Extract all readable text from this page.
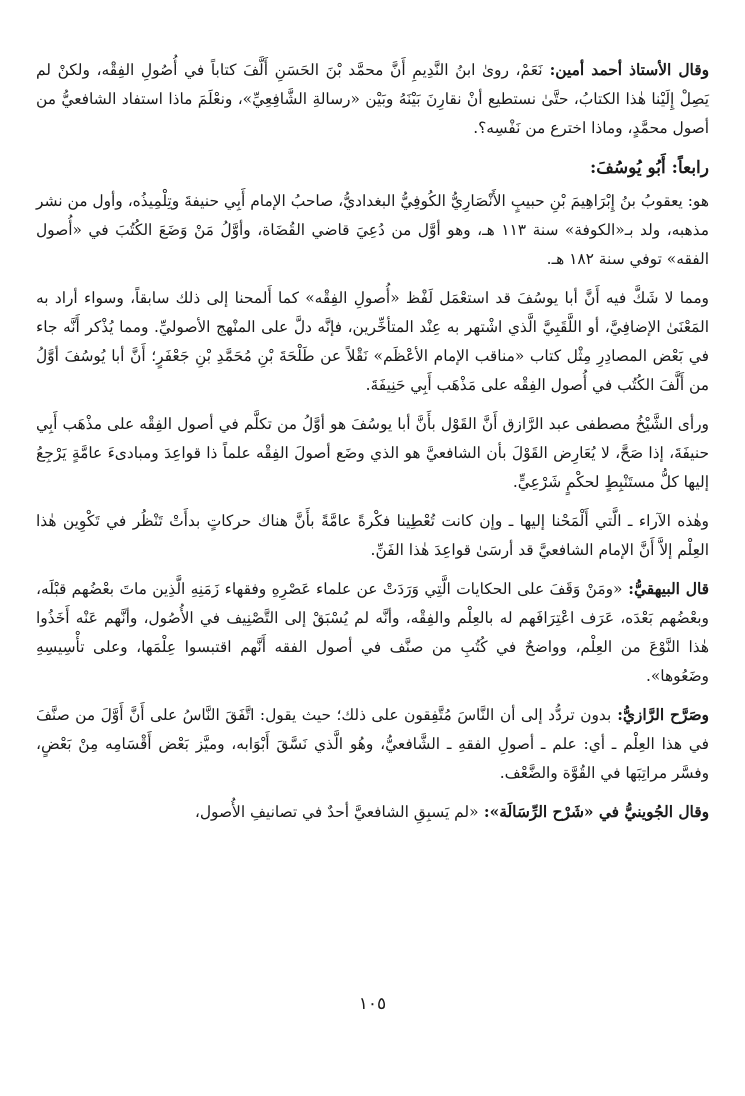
وقال الأستاذ أحمد أمين: نَعَمْ، روىٰ ابنُ النَّدِيمِ أَنَّ محمَّد بْنَ الحَسَنِ أَلَّفَ كتاباً في أُصُولِ الفِقْه، ولكنْ لم يَصِلْ إِلَيْنا هٰذا الكتابُ، حتَّىٰ نستطيع أنْ نقارِنَ بَيْنَهُ وبَيْن «رسالةِ الشَّافِعِيِّ»، ونعْلَمَ ماذا استفاد الشافعيُّ من أصول محمَّدٍ، وماذا اخترع من نَفْسِه؟.

رابعاً: أَبُو يُوسُفَ:

هو: يعقوبُ بنُ إِبْرَاهِيمَ بْنِ حبيبٍ الأَنْصَارِيُّ الكُوفِيُّ البغداديُّ، صاحبُ الإمام أَبِي حنيفةَ وتِلْمِيذُه، وأول من نشر مذهبه، ولد بـ«الكوفة» سنة ١١٣ هـ، وهو أوَّل من دُعِيَ قاضي القُضَاة، وأوَّلُ مَنْ وَضَعَ الكُتُبَ في «أُصول الفقه» توفي سنة ١٨٢ هـ.

ومما لا شَكَّ فيه أَنَّ أبا يوسُفَ قد استعْمَل لَفْظ «أُصولِ الفِقْه» كما أَلمحنا إلى ذلك سابقاً، وسواء أراد به المَعْنَىٰ الإضافِيَّ، أو اللَّقَبِيَّ الَّذي اشْتهر به عِنْد المتأخِّرين، فإنَّه دلَّ على المنْهج الأصوليِّ. ومما يُذْكر أَنَّه جاء في بَعْض المصادِرِ مِثْل كتاب «مناقب الإمام الأعْظَم» نَقْلاً عن طَلْحَةَ بْنِ مُحَمَّدِ بْنِ جَعْفَرٍ؛ أَنَّ أبا يُوسُفَ أوَّلُ من أَلَّفَ الكُتُب في أُصول الفِقْه على مَذْهَب أَبِي حَنِيفَةَ.

ورأى الشَّيْخُ مصطفى عبد الرَّازق أَنَّ القَوْل بأَنَّ أبا يوسُفَ هو أوَّلُ من تكلَّم في أصول الفِقْه على مذْهَب أَبِي حنيفَةَ، إذا صَحَّ، لا يُعَارِض القَوْلَ بأن الشافعيَّ هو الذي وضَع أصولَ الفِقْه علماً ذا قواعِدَ ومبادىءَ عامَّةٍ يَرْجِعُ إليها كلُّ مستَنْبِطٍ لحكْمٍ شَرْعِيٍّ.

وهٰذه الآراء ـ الَّتي أَلْمَحْنا إليها ـ وإن كانت تُعْطِينا فكْرةً عامَّةً بأَنَّ هناك حركاتٍ بدأَتْ تَنْظُر في تَكْوِين هٰذا العِلْم إلاَّ أَنَّ الإمام الشافعيَّ قد أرسَىٰ قواعِدَ هٰذا الفَنِّ.

قال البيهقيُّ: «ومَنْ وَقَفَ على الحكايات الَّتِي وَرَدَتْ عن علماء عَصْرِهِ وفقهاء زَمَنِهِ الَّذِين ماتَ بعْضُهم قبْلَه، وبعْضُهم بَعْدَه، عَرَف اعْتِرَافَهم له بالعِلْم والفِقْه، وأنَّه لم يُسْبَقْ إلى التَّصْنِيف في الأُصُول، وأنَّهم عَنْه أَخَذُوا هٰذا النَّوْعَ من العِلْم، وواضحٌ في كُتُبِ من صنَّف في أصول الفقه أَنَّهم اقتبسوا عِلْمَها، وعلى تأْسِيسِهِ وضَعُوها».

وصَرَّح الرَّازيُّ: بدون تردُّد إلى أن النَّاسَ مُتَّفِقون على ذلك؛ حيث يقول: اتَّفَقَ النَّاسُ على أَنَّ أَوَّلَ من صنَّفَ في هذا العِلْم ـ أي: علم ـ أصولِ الفقهِ ـ الشَّافعيُّ، وهُو الَّذي نَسَّقَ أَبْوَابه، وميَّز بَعْض أَقْسَامِه مِنْ بَعْضٍ، وفسَّر مراتِبَها في القُوَّة والضَّعْف.

وقال الجُوينيُّ في «شَرْح الرِّسَالَة»: «لم يَسبِقِ الشافعيَّ أحدٌ في تصانيفِ الأُصول،

١٠٥
